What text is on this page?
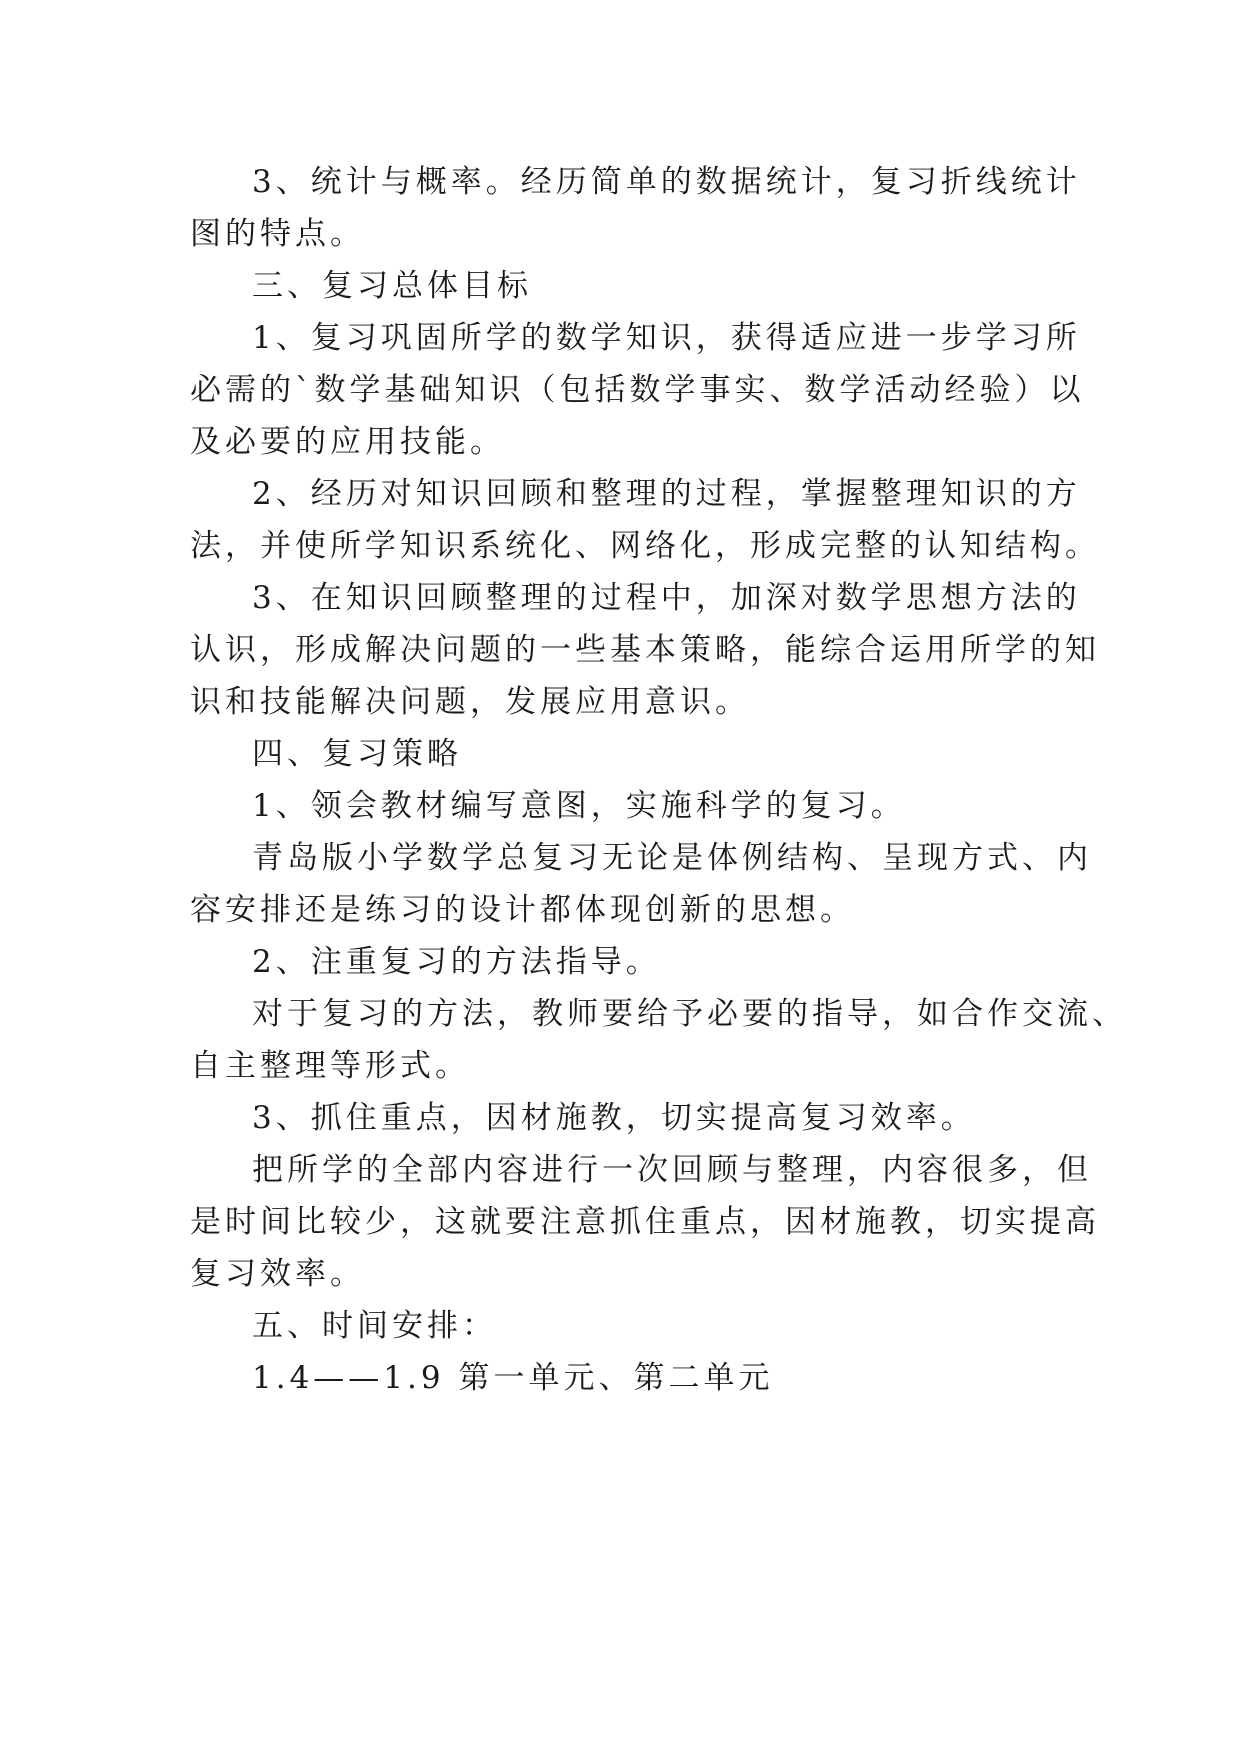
3、统计与概率。经历简单的数据统计，复习折线统计
图的特点。
三、复习总体目标
1、复习巩固所学的数学知识，获得适应进一步学习所
必需的`数学基础知识（包括数学事实、数学活动经验）以
及必要的应用技能。
2、经历对知识回顾和整理的过程，掌握整理知识的方
法，并使所学知识系统化、网络化，形成完整的认知结构。
3、在知识回顾整理的过程中，加深对数学思想方法的
认识，形成解决问题的一些基本策略，能综合运用所学的知
识和技能解决问题，发展应用意识。
四、复习策略
1、领会教材编写意图，实施科学的复习。
青岛版小学数学总复习无论是体例结构、呈现方式、内
容安排还是练习的设计都体现创新的思想。
2、注重复习的方法指导。
对于复习的方法，教师要给予必要的指导，如合作交流、
自主整理等形式。
3、抓住重点，因材施教，切实提高复习效率。
把所学的全部内容进行一次回顾与整理，内容很多，但
是时间比较少，这就要注意抓住重点，因材施教，切实提高
复习效率。
五、时间安排：
1.4——1.9 第一单元、第二单元
